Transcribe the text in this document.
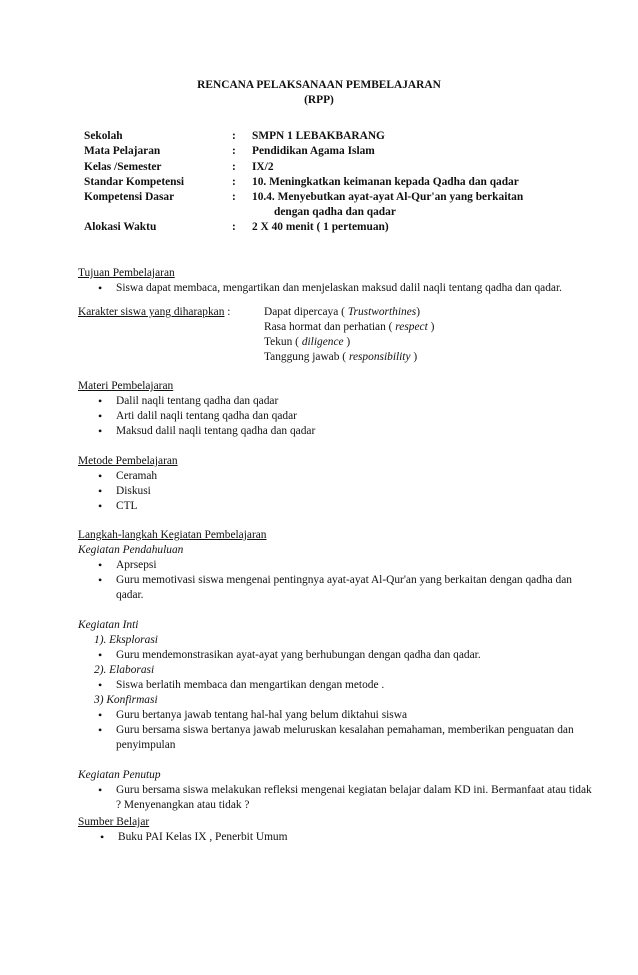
RENCANA PELAKSANAAN PEMBELAJARAN
(RPP)
Sekolah	:	SMPN 1 LEBAKBARANG
Mata Pelajaran	:	Pendidikan Agama Islam
Kelas /Semester	:	IX/2
Standar Kompetensi	:	10. Meningkatkan keimanan kepada Qadha dan qadar
Kompetensi Dasar	:	10.4. Menyebutkan ayat-ayat Al-Qur'an yang berkaitan
dengan qadha dan qadar

Alokasi Waktu	:	2 X 40 menit ( 1 pertemuan)
Tujuan Pembelajaran
• Siswa dapat membaca, mengartikan dan menjelaskan maksud dalil naqli tentang qadha dan qadar.
Karakter siswa yang diharapkan :	Dapat dipercaya ( Trustworthines)
Rasa hormat dan perhatian ( respect )
Tekun ( diligence )
Tanggung jawab ( responsibility )
Materi Pembelajaran
• Dalil naqli tentang qadha dan qadar
• Arti dalil naqli tentang qadha dan qadar
• Maksud dalil naqli tentang qadha dan qadar
Metode Pembelajaran
• Ceramah
• Diskusi
• CTL
Langkah-langkah Kegiatan Pembelajaran
Kegiatan Pendahuluan
• Aprsepsi
• Guru memotivasi siswa mengenai pentingnya ayat-ayat Al-Qur'an yang berkaitan dengan qadha dan qadar.
Kegiatan Inti
1). Eksplorasi
• Guru mendemonstrasikan ayat-ayat yang berhubungan dengan qadha dan qadar.
2). Elaborasi
• Siswa berlatih membaca dan mengartikan dengan metode .
3) Konfirmasi
• Guru bertanya jawab tentang hal-hal yang belum diktahui siswa
• Guru bersama siswa bertanya jawab meluruskan kesalahan pemahaman, memberikan penguatan dan penyimpulan
Kegiatan Penutup
• Guru bersama siswa melakukan refleksi mengenai kegiatan belajar dalam KD ini. Bermanfaat atau tidak ? Menyenangkan atau tidak ?
Sumber Belajar
• Buku PAI Kelas IX , Penerbit Umum
